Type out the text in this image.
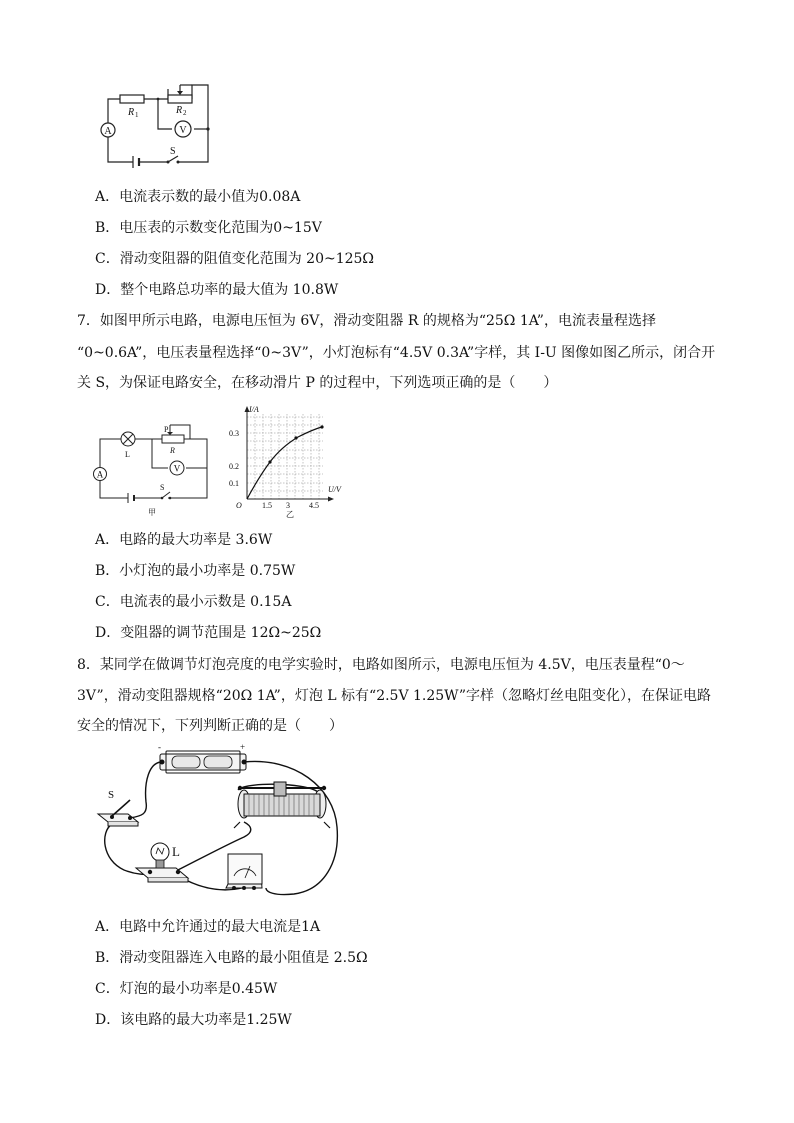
A	V
R 1	R 2
S
A．电流表示数的最小值为0.08A
B．电压表的示数变化范围为0~15V
C．滑动变阻器的阻值变化范围为 20~125Ω
D．整个电路总功率的最大值为 10.8W
7．如图甲所示电路，电源电压恒为 6V，滑动变阻器 R 的规格为“25Ω 1A”，电流表量程选择
“0~0.6A”，电压表量程选择“0~3V”，小灯泡标有“4.5V 0.3A”字样，其 I-U 图像如图乙所示，闭合开
关 S，为保证电路安全，在移动滑片 P 的过程中，下列选项正确的是（　　）
A
V
L
P
R
S
甲
I/A
U/V
O
0.3
0.2
0.1
1.5 3 4.5
乙
A．电路的最大功率是 3.6W
B．小灯泡的最小功率是 0.75W
C．电流表的最小示数是 0.15A
D．变阻器的调节范围是 12Ω~25Ω
8．某同学在做调节灯泡亮度的电学实验时，电路如图所示，电源电压恒为 4.5V，电压表量程“0～
3V”，滑动变阻器规格“20Ω 1A”，灯泡 L 标有“2.5V 1.25W”字样（忽略灯丝电阻变化），在保证电路
安全的情况下，下列判断正确的是（　　）
-	+
S
L
A．电路中允许通过的最大电流是1A
B．滑动变阻器连入电路的最小阻值是 2.5Ω
C．灯泡的最小功率是0.45W
D．该电路的最大功率是1.25W
